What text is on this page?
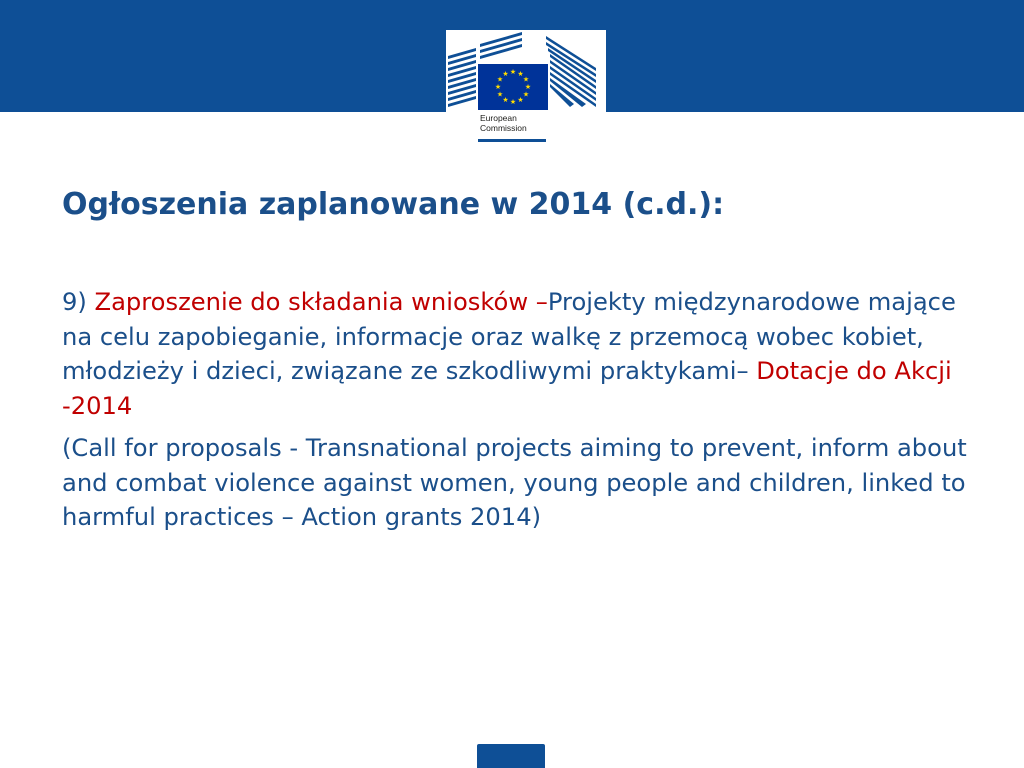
★ ★
★
★
★
★
★
★
★
★
★
★
European
Commission
Ogłoszenia zaplanowane w 2014 (c.d.):

9) Zaproszenie do składania wniosków –Projekty międzynarodowe mające na celu zapobieganie, informacje oraz walkę z przemocą wobec kobiet, młodzieży i dzieci, związane ze szkodliwymi praktykami– Dotacje do Akcji -2014

(Call for proposals - Transnational projects aiming to prevent, inform about and combat violence against women, young people and children, linked to harmful practices – Action grants 2014)
